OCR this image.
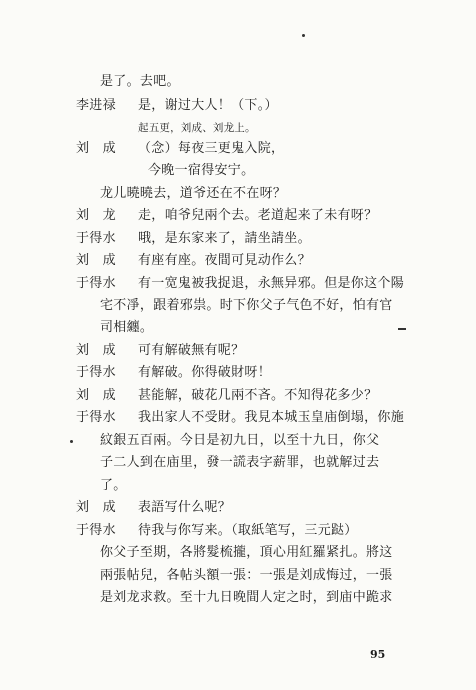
是了。去吧。
李进禄 是，谢过大人！（下。）
起五更，刘成、刘龙上。
刘　成 （念）每夜三更鬼入院，
今晚一宿得安宁。
龙儿曉曉去，道爷还在不在呀？
刘　龙 走，咱爷兒兩个去。老道起来了未有呀？
于得水 哦，是东家来了，請坐請坐。
刘　成 有座有座。夜間可見动作么？
于得水 有一宽鬼被我捉退，永無异邪。但是你这个陽
宅不凈，跟着邪祟。时下你父子气色不好，怕有官
司相纏。
刘　成 可有解破無有呢？
于得水 有解破。你得破財呀！
刘　成 甚能解，破花几兩不吝。不知得花多少？
于得水 我出家人不受財。我見本城玉皇庙倒塌，你施
紋銀五百兩。今日是初九日，以至十九日，你父
子二人到在庙里，發一謊表字薪罪，也就解过去
了。
刘　成 表語写什么呢？
于得水 待我与你写来。（取紙笔写，三元跶）
你父子至期，各將髮梳攏，頂心用紅羅紧扎。將这
兩張帖兒，各帖头額一張：一張是刘成悔过，一張
是刘龙求救。至十九日晚間人定之时，到庙中跪求
95
